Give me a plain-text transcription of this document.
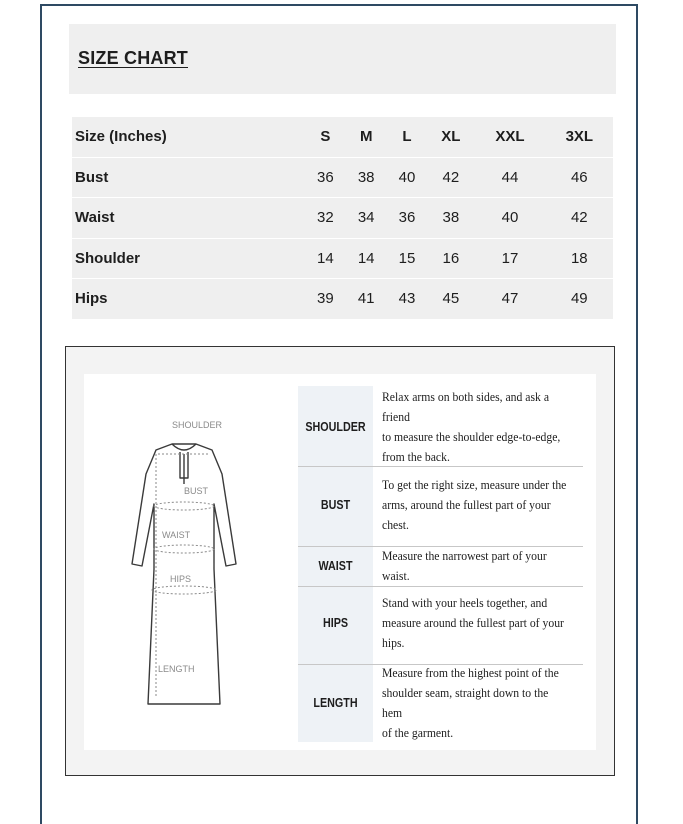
SIZE CHART
Size (Inches)	S	M	L	XL	XXL	3XL
Bust	36	38	40	42	44	46
Waist	32	34	36	38	40	42
Shoulder	14	14	15	16	17	18
Hips	39	41	43	45	47	49
SHOULDER
BUST
WAIST
HIPS
LENGTH
SHOULDER
Relax arms on both sides, and ask a friend
to measure the shoulder edge-to-edge,
from the back.
BUST
To get the right size, measure under the
arms, around the fullest part of your
chest.
WAIST
Measure the narrowest part of your waist.
HIPS
Stand with your heels together, and
measure around the fullest part of your
hips.
LENGTH
Measure from the highest point of the
shoulder seam, straight down to the hem
of the garment.
